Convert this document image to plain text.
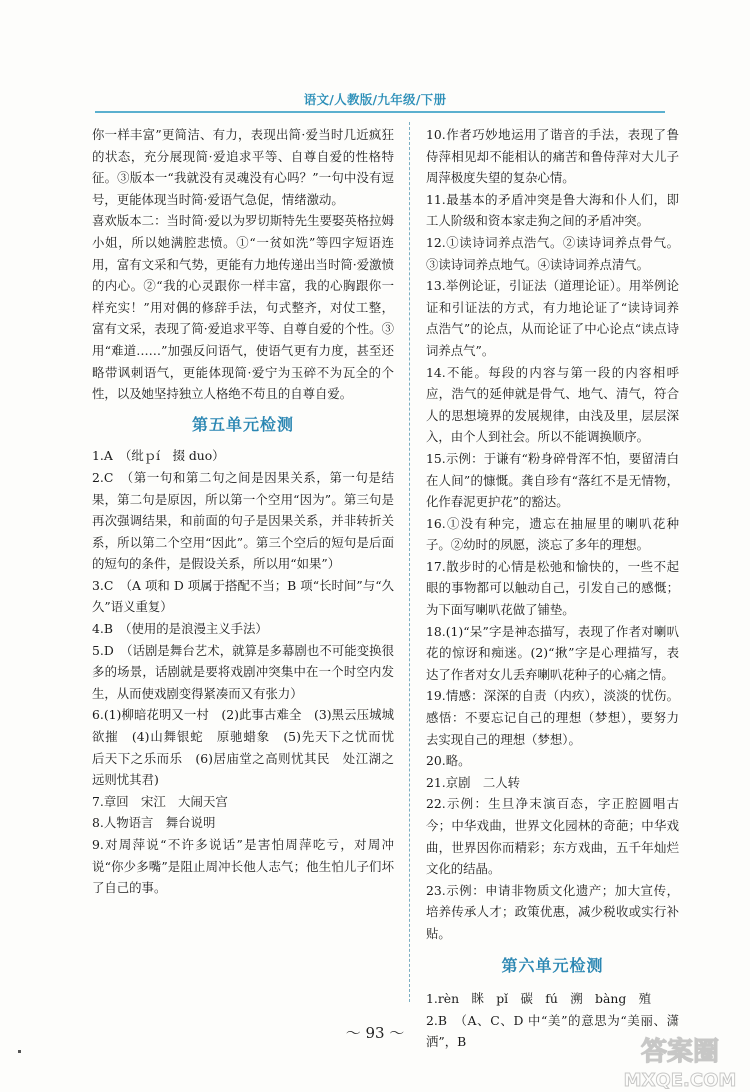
语文/人教版/九年级/下册

你一样丰富”更简洁、有力，表现出简·爱当时几近疯狂的状态，充分展现简·爱追求平等、自尊自爱的性格特征。③版本一“我就没有灵魂没有心吗？”一句中没有逗号，更能体现当时简·爱语气急促，情绪激动。

喜欢版本二：当时简·爱以为罗切斯特先生要娶英格拉姆小姐，所以她满腔悲愤。①“一贫如洗”等四字短语连用，富有文采和气势，更能有力地传递出当时简·爱激愤的内心。②“我的心灵跟你一样丰富，我的心胸跟你一样充实！”用对偶的修辞手法，句式整齐，对仗工整，富有文采，表现了简·爱追求平等、自尊自爱的个性。③用“难道……”加强反问语气，使语气更有力度，甚至还略带讽刺语气，更能体现简·爱宁为玉碎不为瓦全的个性，以及她坚持独立人格绝不苟且的自尊自爱。

第五单元检测

1.A　（纰ｐí　掇 duo）

2.C　（第一句和第二句之间是因果关系，第一句是结果，第二句是原因，所以第一个空用“因为”。第三句是再次强调结果，和前面的句子是因果关系，并非转折关系，所以第二个空用“因此”。第三个空后的短句是后面的短句的条件，是假设关系，所以用“如果”）

3.C　（A 项和 D 项属于搭配不当；B 项“长时间”与“久久”语义重复）

4.B　（使用的是浪漫主义手法）

5.D　（话剧是舞台艺术，就算是多幕剧也不可能变换很多的场景，话剧就是要将戏剧冲突集中在一个时空内发生，从而使戏剧变得紧凑而又有张力）

6.(1)柳暗花明又一村　(2)此事古难全　(3)黑云压城城欲摧　(4)山舞银蛇　原驰蜡象　(5)先天下之忧而忧　后天下之乐而乐　(6)居庙堂之高则忧其民　处江湖之远则忧其君)

7.章回　宋江　大闹天宫

8.人物语言　舞台说明

9.对周萍说“不许多说话”是害怕周萍吃亏，对周冲说“你少多嘴”是阻止周冲长他人志气；他生怕儿子们坏了自己的事。

10.作者巧妙地运用了谐音的手法，表现了鲁侍萍相见却不能相认的痛苦和鲁侍萍对大儿子周萍极度失望的复杂心情。

11.最基本的矛盾冲突是鲁大海和仆人们，即工人阶级和资本家走狗之间的矛盾冲突。

12.①读诗词养点浩气。②读诗词养点骨气。③读诗词养点地气。④读诗词养点清气。

13.举例论证，引证法（道理论证）。用举例论证和引证法的方式，有力地论证了“读诗词养点浩气”的论点，从而论证了中心论点“读点诗词养点气”。

14.不能。每段的内容与第一段的内容相呼应，浩气的延伸就是骨气、地气、清气，符合人的思想境界的发展规律，由浅及里，层层深入，由个人到社会。所以不能调换顺序。

15.示例：于谦有“粉身碎骨浑不怕，要留清白在人间”的慷慨。龚自珍有“落红不是无情物，化作春泥更护花”的豁达。

16.①没有种完，遗忘在抽屉里的喇叭花种子。②幼时的夙愿，淡忘了多年的理想。

17.散步时的心情是松弛和愉快的，一些不起眼的事物都可以触动自己，引发自己的感慨；为下面写喇叭花做了铺垫。

18.(1)“呆”字是神态描写，表现了作者对喇叭花的惊讶和痴迷。(2)“揪”字是心理描写，表达了作者对女儿丢弃喇叭花种子的心痛之情。

19.情感：深深的自责（内疚），淡淡的忧伤。感悟：不要忘记自己的理想（梦想），要努力去实现自己的理想（梦想）。

20.略。

21.京剧　二人转

22.示例：生旦净末演百态，字正腔圆唱古今；中华戏曲，世界文化园林的奇葩；中华戏曲，世界因你而精彩；东方戏曲，五千年灿烂文化的结晶。

23.示例：申请非物质文化遗产；加大宣传，培养传承人才；政策优惠，减少税收或实行补贴。

第六单元检测

1.rèn　眯　pǐ　碳　fú　溯　bàng　殖

2.B　（A、C、D 中“美”的意思为“美丽、潇洒”，B

～ 93 ～
答案圈
MXQE.COM
